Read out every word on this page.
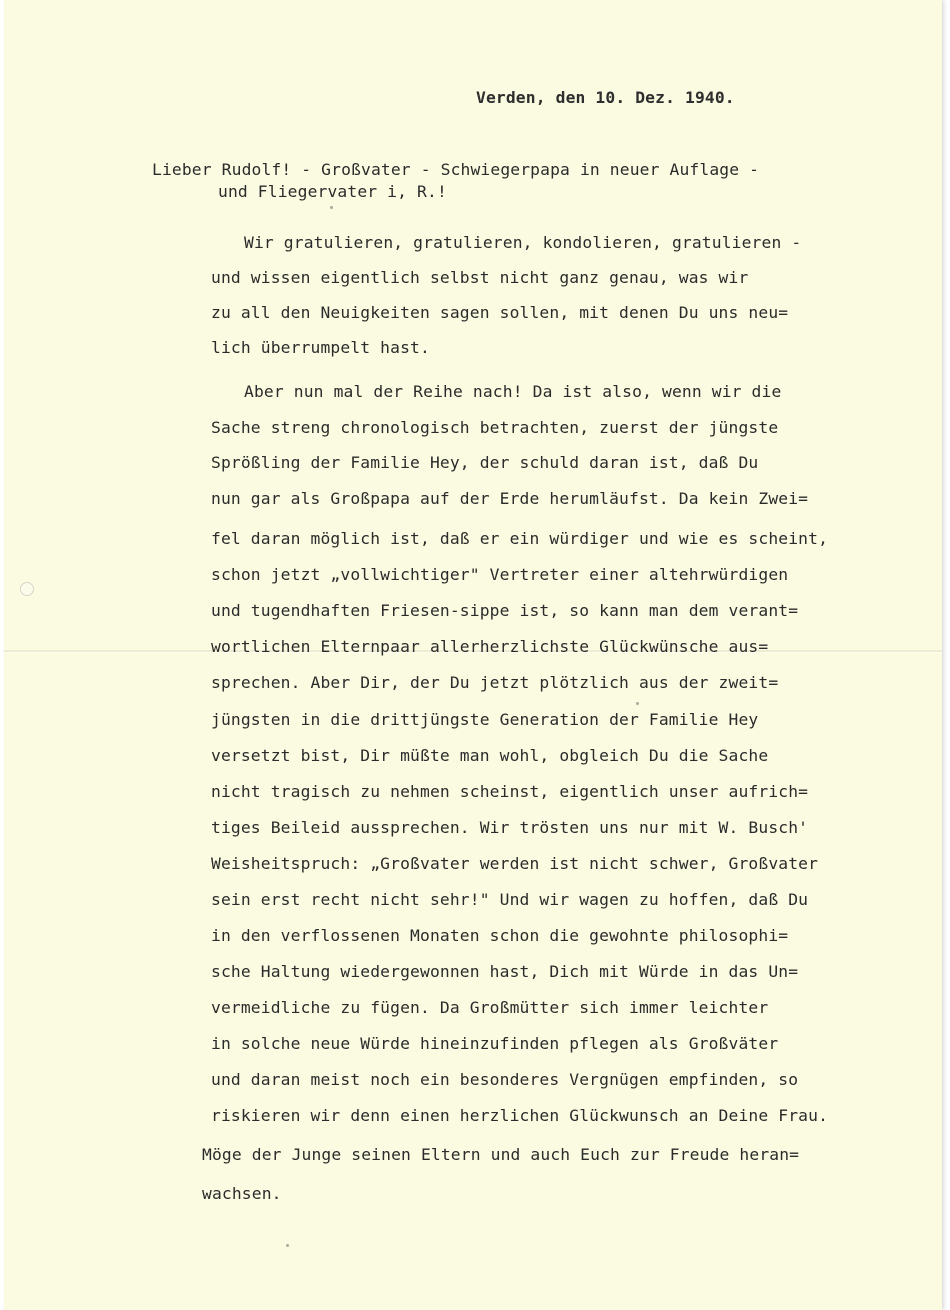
Verden, den 10. Dez. 1940.

Lieber Rudolf! - Großvater - Schwiegerpapa in neuer Auflage -

und Fliegervater i, R.!

Wir gratulieren, gratulieren, kondolieren, gratulieren -

und wissen eigentlich selbst nicht ganz genau, was wir

zu all den Neuigkeiten sagen sollen, mit denen Du uns neu=

lich überrumpelt hast.

Aber nun mal der Reihe nach! Da ist also, wenn wir die

Sache streng chronologisch betrachten, zuerst der jüngste

Sprößling der Familie Hey, der schuld daran ist, daß Du

nun gar als Großpapa auf der Erde herumläufst. Da kein Zwei=

fel daran möglich ist, daß er ein würdiger und wie es scheint,

schon jetzt „vollwichtiger" Vertreter einer altehrwürdigen

und tugendhaften Friesen-sippe ist, so kann man dem verant=

wortlichen Elternpaar allerherzlichste Glückwünsche aus=

sprechen. Aber Dir, der Du jetzt plötzlich aus der zweit=

jüngsten in die drittjüngste Generation der Familie Hey

versetzt bist, Dir müßte man wohl, obgleich Du die Sache

nicht tragisch zu nehmen scheinst, eigentlich unser aufrich=

tiges Beileid aussprechen. Wir trösten uns nur mit W. Busch'

Weisheitspruch: „Großvater werden ist nicht schwer, Großvater

sein erst recht nicht sehr!" Und wir wagen zu hoffen, daß Du

in den verflossenen Monaten schon die gewohnte philosophi=

sche Haltung wiedergewonnen hast, Dich mit Würde in das Un=

vermeidliche zu fügen. Da Großmütter sich immer leichter

in solche neue Würde hineinzufinden pflegen als Großväter

und daran meist noch ein besonderes Vergnügen empfinden, so

riskieren wir denn einen herzlichen Glückwunsch an Deine Frau.

Möge der Junge seinen Eltern und auch Euch zur Freude heran=

wachsen.
